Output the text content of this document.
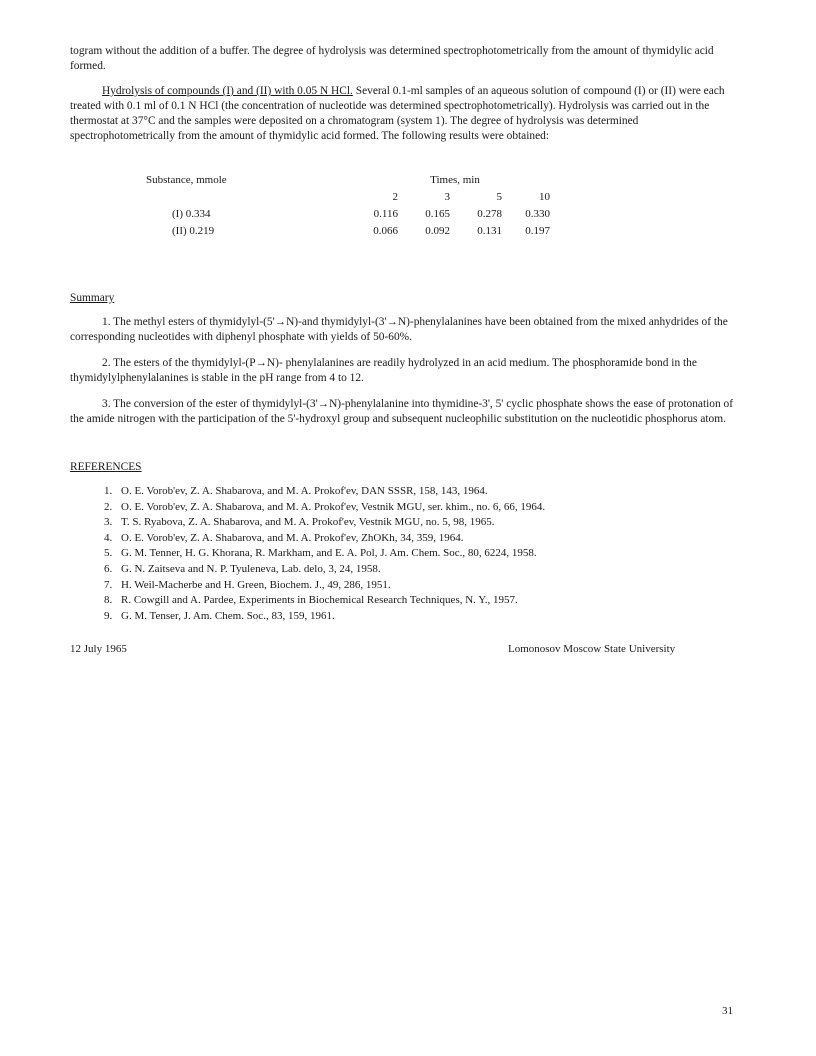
togram without the addition of a buffer. The degree of hydrolysis was determined spectrophotometrically from the amount of thymidylic acid formed.

Hydrolysis of compounds (I) and (II) with 0.05 N HCl. Several 0.1-ml samples of an aqueous solution of compound (I) or (II) were each treated with 0.1 ml of 0.1 N HCl (the concentration of nucleotide was determined spectrophotometrically). Hydrolysis was carried out in the thermostat at 37°C and the samples were deposited on a chromatogram (system 1). The degree of hydrolysis was determined spectrophotometrically from the amount of thymidylic acid formed. The following results were obtained:

Substance, mmole	Times, min			
	2	3	5	10
(I) 0.334	0.116	0.165	0.278	0.330
(II) 0.219	0.066	0.092	0.131	0.197
Summary

1. The methyl esters of thymidylyl-(5'→N)-and thymidylyl-(3'→N)-phenylalanines have been obtained from the mixed anhydrides of the corresponding nucleotides with diphenyl phosphate with yields of 50-60%.

2. The esters of the thymidylyl-(P→N)- phenylalanines are readily hydrolyzed in an acid medium. The phosphoramide bond in the thymidylylphenylalanines is stable in the pH range from 4 to 12.

3. The conversion of the ester of thymidylyl-(3'→N)-phenylalanine into thymidine-3', 5' cyclic phosphate shows the ease of protonation of the amide nitrogen with the participation of the 5'-hydroxyl group and subsequent nucleophilic substitution on the nucleotidic phosphorus atom.

REFERENCES
1. O. E. Vorob'ev, Z. A. Shabarova, and M. A. Prokof'ev, DAN SSSR, 158, 143, 1964.
2. O. E. Vorob'ev, Z. A. Shabarova, and M. A. Prokof'ev, Vestnik MGU, ser. khim., no. 6, 66, 1964.
3. T. S. Ryabova, Z. A. Shabarova, and M. A. Prokof'ev, Vestnik MGU, no. 5, 98, 1965.
4. O. E. Vorob'ev, Z. A. Shabarova, and M. A. Prokof'ev, ZhOKh, 34, 359, 1964.
5. G. M. Tenner, H. G. Khorana, R. Markham, and E. A. Pol, J. Am. Chem. Soc., 80, 6224, 1958.
6. G. N. Zaitseva and N. P. Tyuleneva, Lab. delo, 3, 24, 1958.
7. H. Weil-Macherbe and H. Green, Biochem. J., 49, 286, 1951.
8. R. Cowgill and A. Pardee, Experiments in Biochemical Research Techniques, N. Y., 1957.
9. G. M. Tenser, J. Am. Chem. Soc., 83, 159, 1961.
12 July 1965	Lomonosov Moscow State University
31
